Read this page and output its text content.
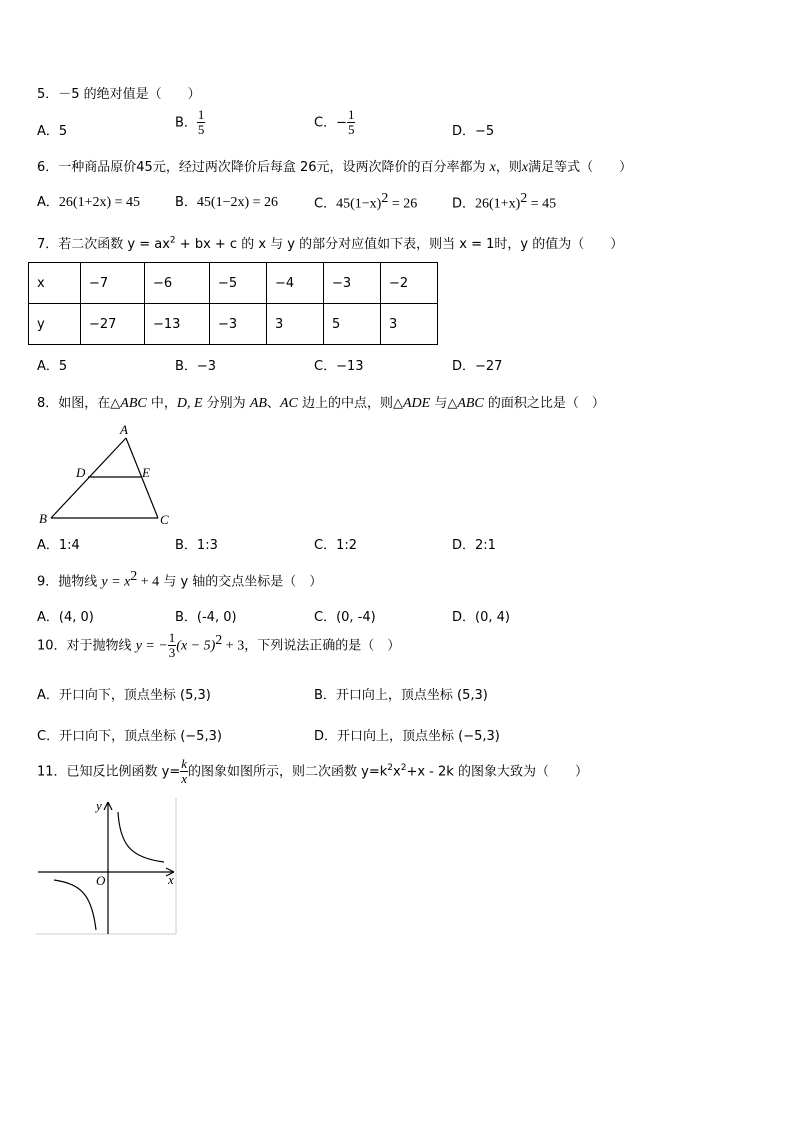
5．－5 的绝对值是（　　）
A．5
B． $\frac{1}{5}$	C．− $\frac{1}{5}$	D．−5
6．一种商品原价45元，经过两次降价后每盒 26元，设两次降价的百分率都为 x，则x满足等式（　　）
A．26(1+2x) = 45	B．45(1−2x) = 26	C．$45(1-x)^2 = 26$	D．$26(1+x)^2 = 45$
7．若二次函数 $y = ax^2$ + bx + c 的 x 与 y 的部分对应值如下表，则当 x = 1时，y 的值为（　　）
x	−7	−6	−5	−4	−3	−2
y	−27	−13	−3	3	5	3
A．5	B．−3	C．−13	D．−27
8．如图，在△ABC 中，D, E 分别为 AB、AC 边上的中点，则△ADE 与△ABC 的面积之比是（　）
A
D	E
B	C
A．1:4	B．1:3	C．1:2	D．2:1
9．抛物线 $y = x^2 + 4$ 与 y 轴的交点坐标是（　）
A．(4, 0)	B．(-4, 0)	C．(0, -4)	D．(0, 4)
10．对于抛物线 y = − $\frac{1}{3} (x - 5)^2 + 3$，下列说法正确的是（　）
A．开口向下，顶点坐标 (5,3)	B．开口向上，顶点坐标 (5,3)
C．开口向下，顶点坐标 (−5,3)	D．开口向上，顶点坐标 (−5,3)
11．已知反比例函数 $y= \frac{k}{x}$ 的图象如图所示，则二次函数 $y=k^2x^2+x - 2k$ 的图象大致为（　　）
y
x
O
